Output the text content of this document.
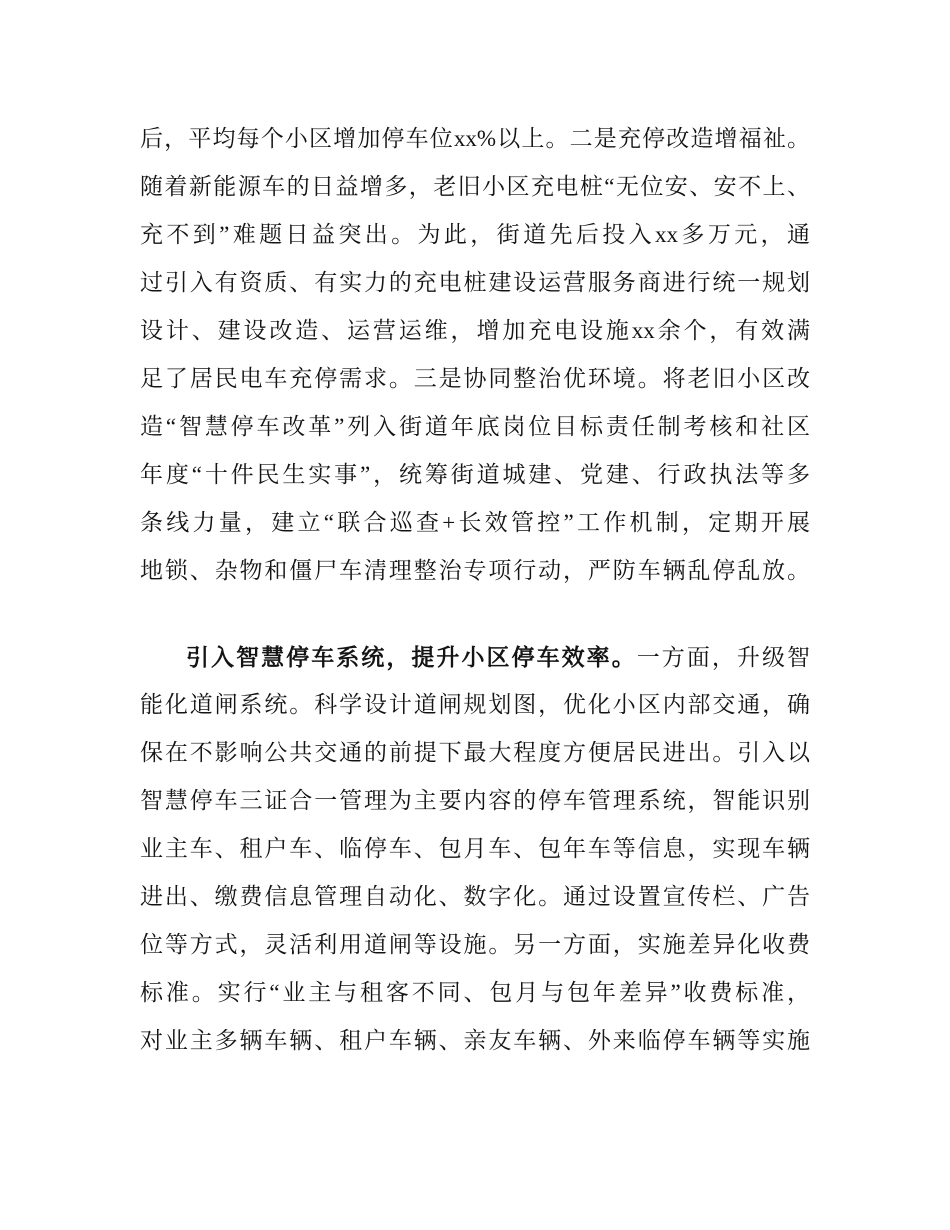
后，平均每个小区增加停车位xx%以上。二是充停改造增福祉。
随着新能源车的日益增多，老旧小区充电桩“无位安、安不上、
充不到”难题日益突出。为此，街道先后投入xx多万元，通
过引入有资质、有实力的充电桩建设运营服务商进行统一规划
设计、建设改造、运营运维，增加充电设施xx余个，有效满
足了居民电车充停需求。三是协同整治优环境。将老旧小区改
造“智慧停车改革”列入街道年底岗位目标责任制考核和社区
年度“十件民生实事”，统筹街道城建、党建、行政执法等多
条线力量，建立“联合巡查+长效管控”工作机制，定期开展
地锁、杂物和僵尸车清理整治专项行动，严防车辆乱停乱放。
引入智慧停车系统，提升小区停车效率。一方面，升级智
能化道闸系统。科学设计道闸规划图，优化小区内部交通，确
保在不影响公共交通的前提下最大程度方便居民进出。引入以
智慧停车三证合一管理为主要内容的停车管理系统，智能识别
业主车、租户车、临停车、包月车、包年车等信息，实现车辆
进出、缴费信息管理自动化、数字化。通过设置宣传栏、广告
位等方式，灵活利用道闸等设施。另一方面，实施差异化收费
标准。实行“业主与租客不同、包月与包年差异”收费标准，
对业主多辆车辆、租户车辆、亲友车辆、外来临停车辆等实施
